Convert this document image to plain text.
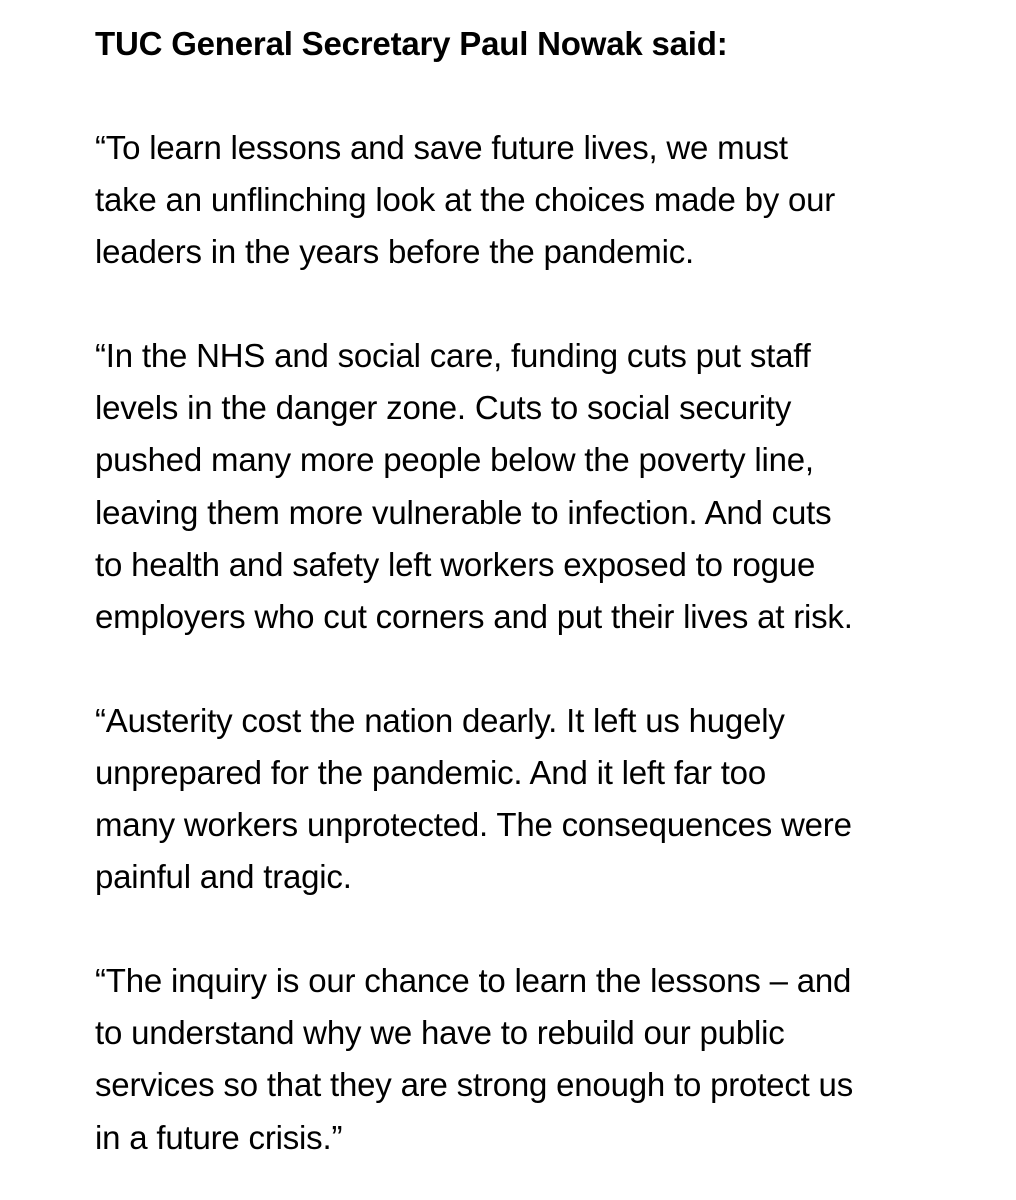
TUC General Secretary Paul Nowak said:

“To learn lessons and save future lives, we must
take an unflinching look at the choices made by our
leaders in the years before the pandemic.

“In the NHS and social care, funding cuts put staff
levels in the danger zone. Cuts to social security
pushed many more people below the poverty line,
leaving them more vulnerable to infection. And cuts
to health and safety left workers exposed to rogue
employers who cut corners and put their lives at risk.

“Austerity cost the nation dearly. It left us hugely
unprepared for the pandemic. And it left far too
many workers unprotected. The consequences were
painful and tragic.

“The inquiry is our chance to learn the lessons – and
to understand why we have to rebuild our public
services so that they are strong enough to protect us
in a future crisis.”
